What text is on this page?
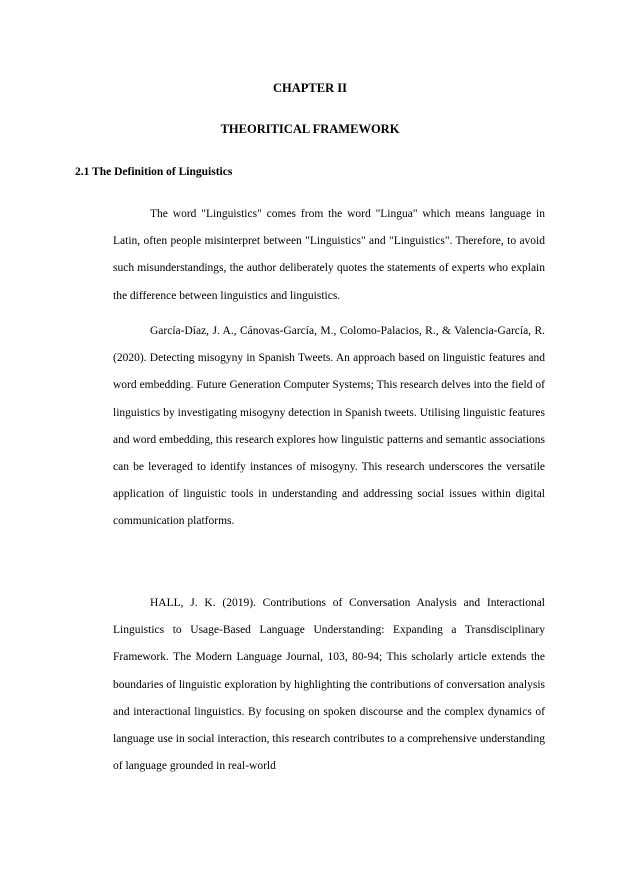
CHAPTER II
THEORITICAL FRAMEWORK
2.1 The Definition of Linguistics

The word "Linguistics" comes from the word "Lingua" which means language in Latin, often people misinterpret between "Linguistics" and "Linguistics". Therefore, to avoid such misunderstandings, the author deliberately quotes the statements of experts who explain the difference between linguistics and linguistics.

García-Díaz, J. A., Cánovas-García, M., Colomo-Palacios, R., & Valencia-García, R. (2020). Detecting misogyny in Spanish Tweets. An approach based on linguistic features and word embedding. Future Generation Computer Systems; This research delves into the field of linguistics by investigating misogyny detection in Spanish tweets. Utilising linguistic features and word embedding, this research explores how linguistic patterns and semantic associations can be leveraged to identify instances of misogyny. This research underscores the versatile application of linguistic tools in understanding and addressing social issues within digital communication platforms.

HALL, J. K. (2019). Contributions of Conversation Analysis and Interactional Linguistics to Usage-Based Language Understanding: Expanding a Transdisciplinary Framework. The Modern Language Journal, 103, 80-94; This scholarly article extends the boundaries of linguistic exploration by highlighting the contributions of conversation analysis and interactional linguistics. By focusing on spoken discourse and the complex dynamics of language use in social interaction, this research contributes to a comprehensive understanding of language grounded in real-world
